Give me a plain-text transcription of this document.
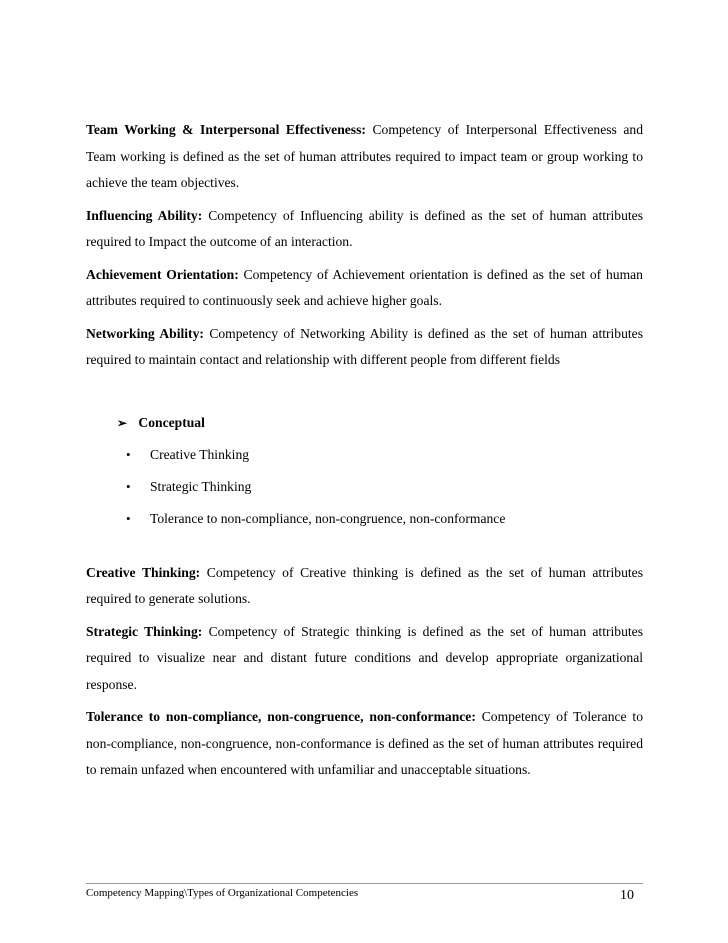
Team Working & Interpersonal Effectiveness: Competency of Interpersonal Effectiveness and Team working is defined as the set of human attributes required to impact team or group working to achieve the team objectives.

Influencing Ability: Competency of Influencing ability is defined as the set of human attributes required to Impact the outcome of an interaction.

Achievement Orientation: Competency of Achievement orientation is defined as the set of human attributes required to continuously seek and achieve higher goals.

Networking Ability: Competency of Networking Ability is defined as the set of human attributes required to maintain contact and relationship with different people from different fields

➢ Conceptual
• Creative Thinking
• Strategic Thinking
• Tolerance to non-compliance, non-congruence, non-conformance

Creative Thinking: Competency of Creative thinking is defined as the set of human attributes required to generate solutions.

Strategic Thinking: Competency of Strategic thinking is defined as the set of human attributes required to visualize near and distant future conditions and develop appropriate organizational response.

Tolerance to non-compliance, non-congruence, non-conformance: Competency of Tolerance to non-compliance, non-congruence, non-conformance is defined as the set of human attributes required to remain unfazed when encountered with unfamiliar and unacceptable situations.

Competency Mapping\Types of Organizational Competencies	10
